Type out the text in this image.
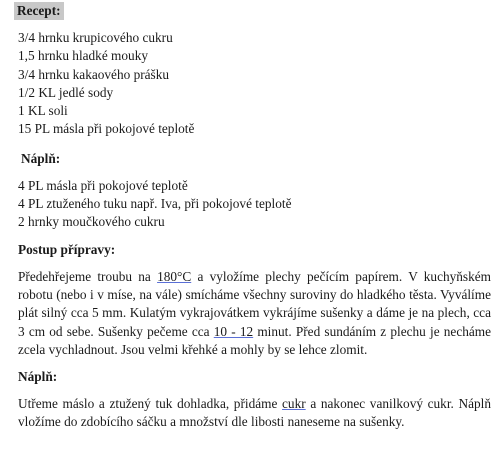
Recept:

3/4 hrnku krupicového cukru

1,5 hrnku hladké mouky

3/4 hrnku kakaového prášku

1/2 KL jedlé sody

1 KL soli

15 PL másla při pokojové teplotě

Náplň:

4 PL másla při pokojové teplotě

4 PL ztuženého tuku např. Iva, při pokojové teplotě

2 hrnky moučkového cukru

Postup přípravy:

Předehřejeme troubu na 180°C a vyložíme plechy pečícím papírem. V kuchyňském robotu (nebo i v míse, na vále) smícháme všechny suroviny do hladkého těsta. Vyválíme plát silný cca 5 mm. Kulatým vykrajovátkem vykrájíme sušenky a dáme je na plech, cca 3 cm od sebe. Sušenky pečeme cca 10 - 12 minut. Před sundáním z plechu je necháme zcela vychladnout. Jsou velmi křehké a mohly by se lehce zlomit.

Náplň:

Utřeme máslo a ztužený tuk dohladka, přidáme cukr a nakonec vanilkový cukr. Náplň vložíme do zdobícího sáčku a množství dle libosti naneseme na sušenky.
